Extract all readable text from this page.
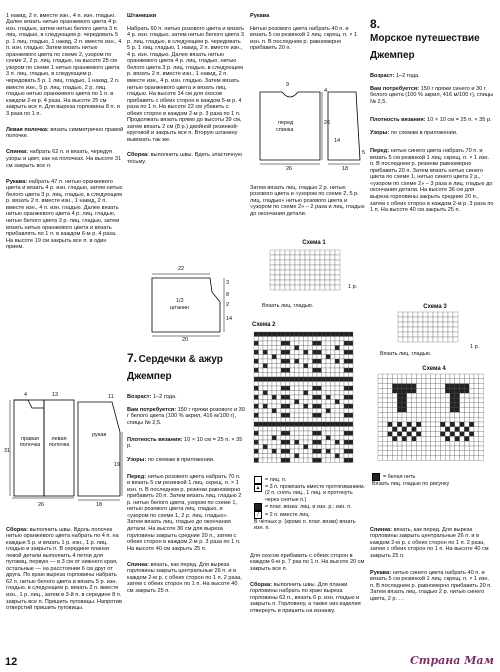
1 накид, 2 п. вместе изн., 4 п. изн. гладью. Далее вязать нитью оранжевого цвета 4 р. изн. гладью, затем нитью белого цвета 3 п. лиц. гладью, в следующем р. чередовать 5 р. 1 лиц. гладью, 1 накид, 2 п. вместе изн., 4 п. изн. гладью. Затем вязать нитью оранжевого цвета по схеме 2, узором по схеме 2, 2 р. лиц. гладью, на высоте 25 см узором по схеме 1 нитью оранжевого цвета 3 п. лиц. гладью, в следующем р. чередовать 5 р. 1 лиц. гладью, 1 накид, 2 п. вместе изн., 5 р. лиц. гладью, 2 р. лиц. гладью нитью оранжевого цвета по 1 п. в каждом 2-м р. 4 раза. На высоте 25 см закрыть все п. Для выреза горловины 8 п. и 3 раза по 1 п.

Левая полочка: вязать симметрично правой полочке.

Спинка: набрать 62 п. и вязать, чередуя узоры и цвет, как на полочках. На высоте 31 см закрыть все п.

Рукава: набрать 47 п. нитью оранжевого цвета и вязать 4 р. изн. гладью, затем нитью белого цвета 3 р. лиц. гладью, в следующем р. вязать 2 п. вместе изн., 1 накид, 2 п. вместе изн., 4 п. изн. гладью. Далее вязать нитью оранжевого цвета 4 р. лиц. гладью, нитью белого цвета 3 р. лиц. гладью, затем вязать нитью оранжевого цвета и вязать прибавлять по 1 п. в каждом 6-м р. 4 раза. На высоте 19 см закрыть все п. в один прием.

правая полочка
левая полочка
рукав
4	13
31
19
26	18
11

Сборка: выполнить швы. Вдоль полочек нитью оранжевого цвета набрать по 4 п. на каждые 5 р. и вязать 1 р. изн., 1 р. лиц. гладью и закрыть п. В середине планки левой детали выполнить 4 петли для пуговиц, первую — в 3 см от нижнего края, остальные — на расстоянии 6 см друг от друга. По краю выреза горловины набрать 62 п. нитью белого цвета и вязать 5 р. изн. гладью, в следующем р. вязать 2 п. вместе изн., 1 р. лиц., затем в 3-й п. в середине 8 п. закрыть все п. Пришить пуговицы. Напротив отверстий пришить пуговицы.

Штанишки

Набрать 60 п. нитью розового цвета и вязать 4 р. изн. гладью, затем нитью белого цвета 3 р. лиц. гладью, в следующем р. чередовать 5 р. 1 лиц. гладью, 1 накид, 2 п. вместе изн., 4 р. изн. гладью. Далее вязать нитью оранжевого цвета 4 р. лиц. гладью, нитью белого цвета 3 р. лиц. гладью, в следующем р. вязать 2 п. вместе изн., 1 накид, 2 п. вместе изн., 4 р. изн. гладью. Затем вязать нитью оранжевого цвета и вязать лиц. гладью. На высоте 14 см для скосов прибавить с обеих сторон в каждом 5-м р. 4 раза по 1 п. На высоте 22 см убавить с обеих сторон в каждом 2-м р. 3 раза по 1 п. Продолжать вязать прямо до высоты 39 см, затем вязать 2 см (8 р.) двойной резинкой-круговой и закрыть все п. Вторую штанину вывязать так же.

Сборка: выполнить швы. Вдеть эластичную тесьму.

1/2
штанин
22
3
8
2
14
20

7. Сердечки & ажур

Джемпер

Возраст: 1–2 года.

Вам потребуется: 150 г пряжи розового и 30 г белого цвета (100 % акрил, 416 м/100 г), спицы № 2,5.

Плотность вязания: 10 × 10 см = 25 п. × 35 р.

Узоры: по схемам в приложении.

Перед: нитью розового цвета набрать 70 п. и вязать 5 см резинкой 1 лиц. скрещ. п. × 1 изн. п. В последнем р. резинки равномерно прибавить 20 п. Затем вязать лиц. гладью 2 р. нитью белого цвета, узором по схеме 1, нитью розового цвета лиц. гладью, и «узором по схеме 1, 2 р. лиц. гладью». Затем вязать лиц. гладью до окончания детали. На высоте 36 см для выреза горловины закрыть средние 20 п., затем с обеих сторон в каждом 2-м р. 3 раза по 1 п. На высоте 40 см закрыть 25 п.

Спинка: вязать, как перед. Для выреза горловины закрыть центральные 26 п. и в каждом 2-м р. с обеих сторон по 1 п. 2 раза, затем с обеих сторон по 1 п. На высоте 40 см закрыть 25 п.

Рукава

Нитью розового цвета набрать 40 п. и вязать 5 см резинкой 1 лиц. скрещ. п. × 1 изн. п. В последнем р. равномерно прибавить 20 п.

перед
спинка
9
4
14
5
18
26
26

Затем вязать лиц. гладью 2 р. нитью розового цвета и «узором по схеме 2, 5 р. лиц. гладью» нитью розового цвета и «узором по схеме 2» – 2 раза и лиц. гладью до окончания детали.

Схема 1
1 р.
Вязать лиц. гладью.
Схема 2
= лиц. п.
▲ = 3 п. провязать вместе протягиванием. (2 п. снять лиц., 1 лиц. и протянуть через снятые п.)
= плат. вязка: лиц. и изн. р.: изн. п.
/	= 2 п. вместе лиц.
В чётных р. (кроме п. плат. вязки) вязать изн. п.

Для скосов прибавить с обеих сторон в каждом 6-м р. 7 раз по 1 п. На высоте 20 см закрыть все п.

Сборка: выполнить швы. Для планки горловины набрать по краю выреза горловины 62 п., вязать 6 р. изн. гладью и закрыть п. Горловину, а также низ изделия отвернуть и пришить на изнанку.

8.

Морское путешествие

Джемпер

Возраст: 1–2 года.

Вам потребуется: 150 г пряжи синего и 30 г белого цвета (100 % акрил, 416 м/100 г), спицы № 2,5.

Плотность вязания: 10 × 10 см = 25 п. × 35 р.

Узоры: по схемам в приложении.

Перед: нитью синего цвета набрать 70 п. и вязать 5 см резинкой 1 лиц. скрещ. п. × 1 изн. п. В последнем р. резинки равномерно прибавить 20 п. Затем вязать нитью синего цвета по схеме 1, нитью синего цвета 2 р., «узором по схеме 2» – 3 раза и лиц. гладью до окончания детали. На высоте 36 см для выреза горловины закрыть средние 20 п., затем с обеих сторон в каждом 2-м р. 3 раза по 1 п. На высоте 40 см закрыть 25 п.

Схема 3
1 р.
Вязать лиц. гладью.
Схема 4
= белая нить
Вязать лиц. гладью по рисунку

Спинка: вязать, как перед. Для выреза горловины закрыть центральные 26 п. и в каждом 2-м р. с обеих сторон по 1 п. 2 раза, затем с обеих сторон по 1 п. На высоте 40 см закрыть 25 п.

Рукава: нитью синего цвета набрать 40 п. и вязать 5 см резинкой 1 лиц. скрещ. п. × 1 изн. п. В последнем р. равномерно прибавить 20 п. Затем вязать лиц. гладью 2 р. нитью синего цвета, 2 р. …

12	Страна Мам
